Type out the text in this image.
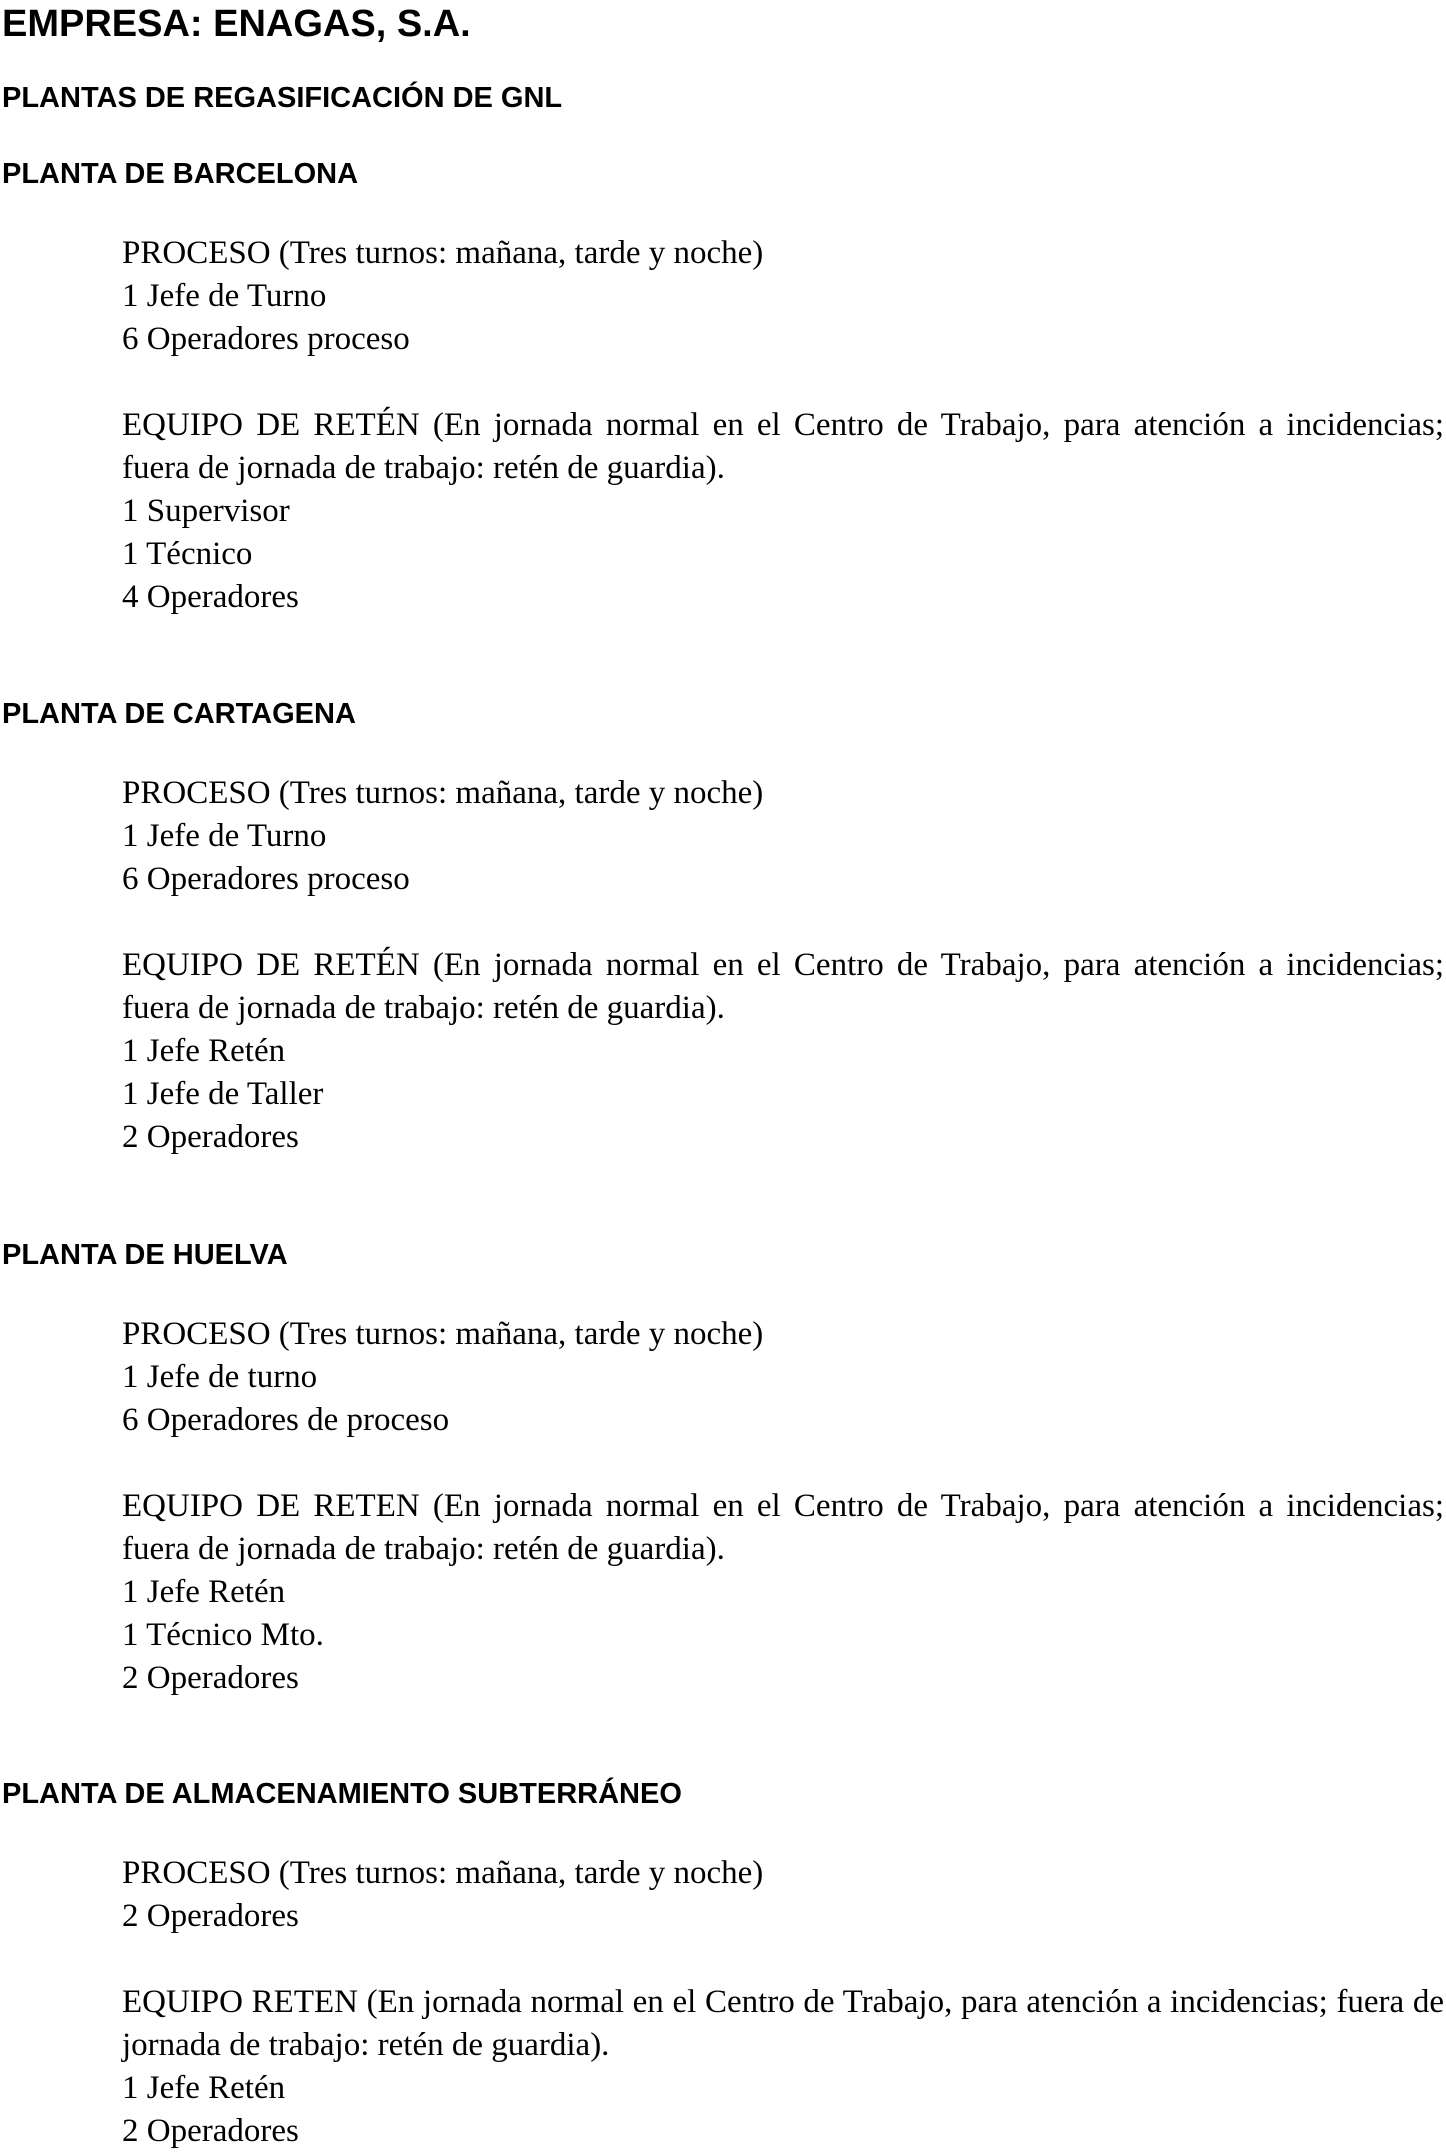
EMPRESA: ENAGAS, S.A.
PLANTAS DE REGASIFICACIÓN DE GNL
PLANTA DE BARCELONA
PROCESO (Tres turnos: mañana, tarde y noche)
1 Jefe de Turno
6 Operadores proceso
EQUIPO DE RETÉN (En jornada normal en el Centro de Trabajo, para atención a incidencias; fuera de jornada de trabajo: retén de guardia).
1 Supervisor
1 Técnico
4 Operadores
PLANTA DE CARTAGENA
PROCESO (Tres turnos: mañana, tarde y noche)
1 Jefe de Turno
6 Operadores proceso
EQUIPO DE RETÉN (En jornada normal en el Centro de Trabajo, para atención a incidencias; fuera de jornada de trabajo: retén de guardia).
1 Jefe Retén
1 Jefe de Taller
2 Operadores
PLANTA DE HUELVA
PROCESO (Tres turnos: mañana, tarde y noche)
1 Jefe de turno
6 Operadores de proceso
EQUIPO DE RETEN (En jornada normal en el Centro de Trabajo, para atención a incidencias; fuera de jornada de trabajo: retén de guardia).
1 Jefe Retén
1 Técnico Mto.
2 Operadores
PLANTA DE ALMACENAMIENTO SUBTERRÁNEO
PROCESO (Tres turnos: mañana, tarde y noche)
2 Operadores
EQUIPO RETEN (En jornada normal en el Centro de Trabajo, para atención a incidencias; fuera de jornada de trabajo: retén de guardia).
1 Jefe Retén
2 Operadores
